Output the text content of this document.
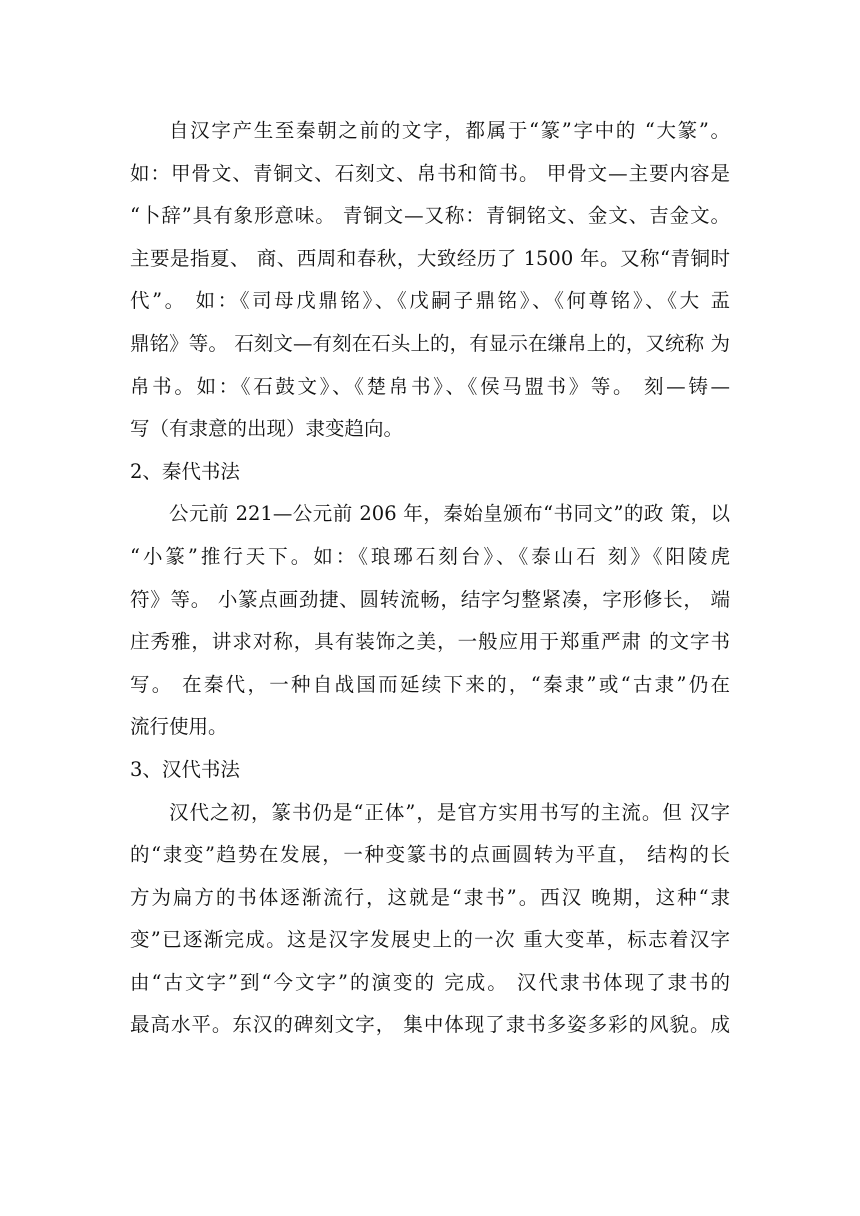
自汉字产生至秦朝之前的文字，都属于“篆”字中的 “大篆”。
如：甲骨文、青铜文、石刻文、帛书和简书。 甲骨文—主要内容是
“卜辞”具有象形意味。 青铜文—又称：青铜铭文、金文、吉金文。
主要是指夏、 商、西周和春秋，大致经历了 1500 年。又称“青铜时
代”。 如：《司母戊鼎铭》、《戊嗣子鼎铭》、《何尊铭》、《大 盂
鼎铭》等。 石刻文—有刻在石头上的，有显示在缣帛上的，又统称 为
帛书。如：《石鼓文》、《楚帛书》、《侯马盟书》等。 刻—铸—
写（有隶意的出现）隶变趋向。
2、秦代书法
公元前 221—公元前 206 年，秦始皇颁布“书同文”的政 策，以
“小篆”推行天下。如：《琅琊石刻台》、《泰山石 刻》《阳陵虎
符》等。 小篆点画劲捷、圆转流畅，结字匀整紧凑，字形修长， 端
庄秀雅，讲求对称，具有装饰之美，一般应用于郑重严肃 的文字书
写。 在秦代，一种自战国而延续下来的，“秦隶”或“古隶”仍在
流行使用。
3、汉代书法
汉代之初，篆书仍是“正体”，是官方实用书写的主流。但 汉字
的“隶变”趋势在发展，一种变篆书的点画圆转为平直， 结构的长
方为扁方的书体逐渐流行，这就是“隶书”。西汉 晚期，这种“隶
变”已逐渐完成。这是汉字发展史上的一次 重大变革，标志着汉字
由“古文字”到“今文字”的演变的 完成。 汉代隶书体现了隶书的
最高水平。东汉的碑刻文字， 集中体现了隶书多姿多彩的风貌。成
